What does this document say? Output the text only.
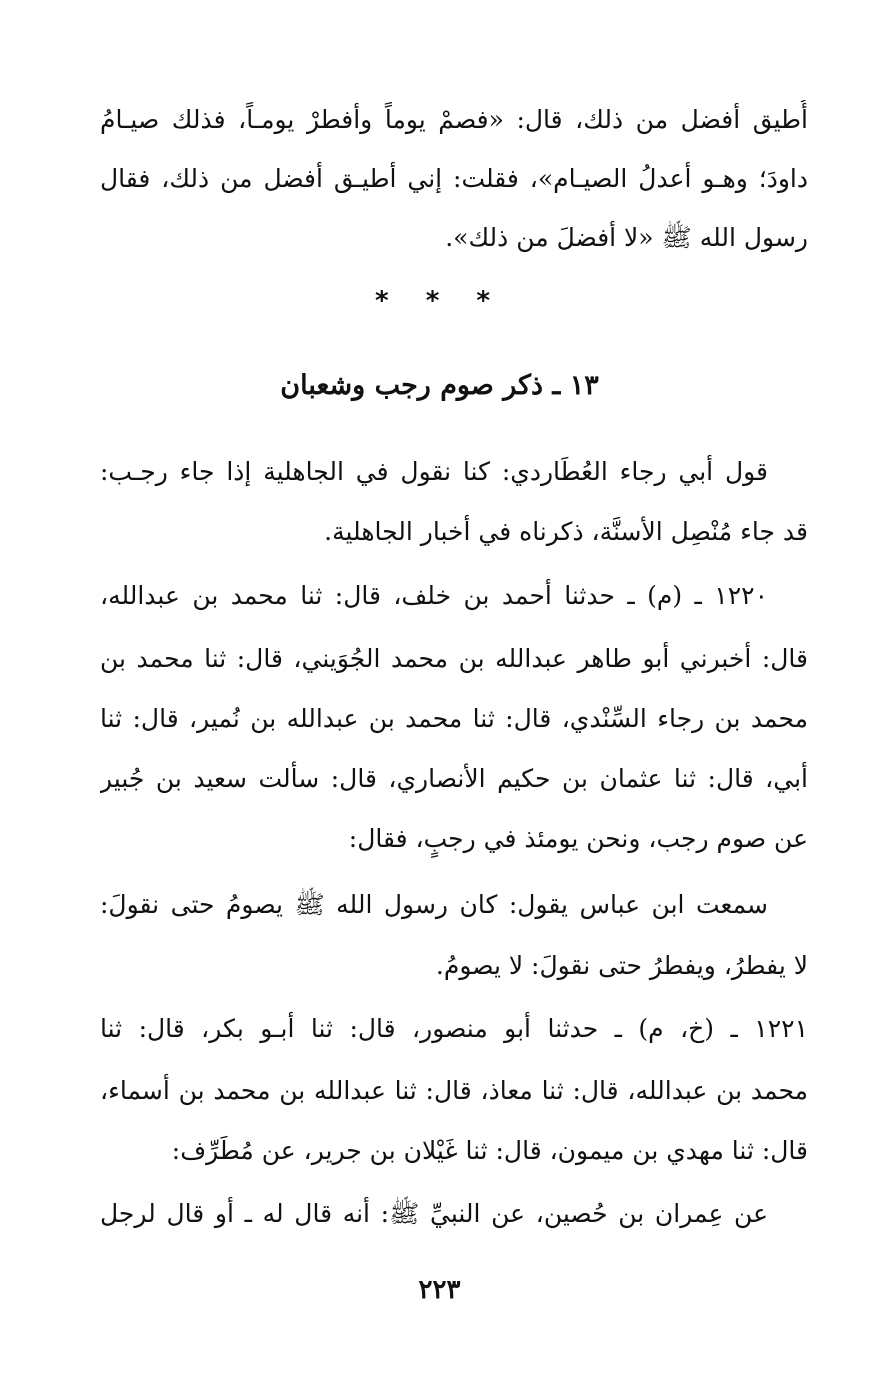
أُطيق أفضل من ذلك، قال: «فصمْ يوماً وأفطرْ يومـاً، فذلك صيـامُ
داودَ؛ وهـو أعدلُ الصيـام»، فقلت: إني أطيـق أفضل من ذلك، فقال
رسول الله ﷺ «لا أفضلَ من ذلك».
* * *
١٣ ـ ذكر صوم رجب وشعبان
قول أبي رجاء العُطَاردي: كنا نقول في الجاهلية إذا جاء رجـب:
قد جاء مُنْصِل الأسنَّة، ذكرناه في أخبار الجاهلية.
١٢٢٠ ـ (م) ـ حدثنا أحمد بن خلف، قال: ثنا محمد بن عبدالله،
قال: أخبرني أبو طاهر عبدالله بن محمد الجُوَيني، قال: ثنا محمد بن
محمد بن رجاء السِّنْدي، قال: ثنا محمد بن عبدالله بن نُمير، قال: ثنا
أبي، قال: ثنا عثمان بن حكيم الأنصاري، قال: سألت سعيد بن جُبير
عن صوم رجب، ونحن يومئذ في رجبٍ، فقال:
سمعت ابن عباس يقول: كان رسول الله ﷺ يصومُ حتى نقولَ:
لا يفطرُ، ويفطرُ حتى نقولَ: لا يصومُ.
١٢٢١ ـ (خ، م) ـ حدثنا أبو منصور، قال: ثنا أبـو بكر، قال: ثنا
محمد بن عبدالله، قال: ثنا معاذ، قال: ثنا عبدالله بن محمد بن أسماء،
قال: ثنا مهدي بن ميمون، قال: ثنا غَيْلان بن جرير، عن مُطَرِّف:
عن عِمران بن حُصين، عن النبيِّ ﷺ: أنه قال له ـ أو قال لرجل
٢٢٣
